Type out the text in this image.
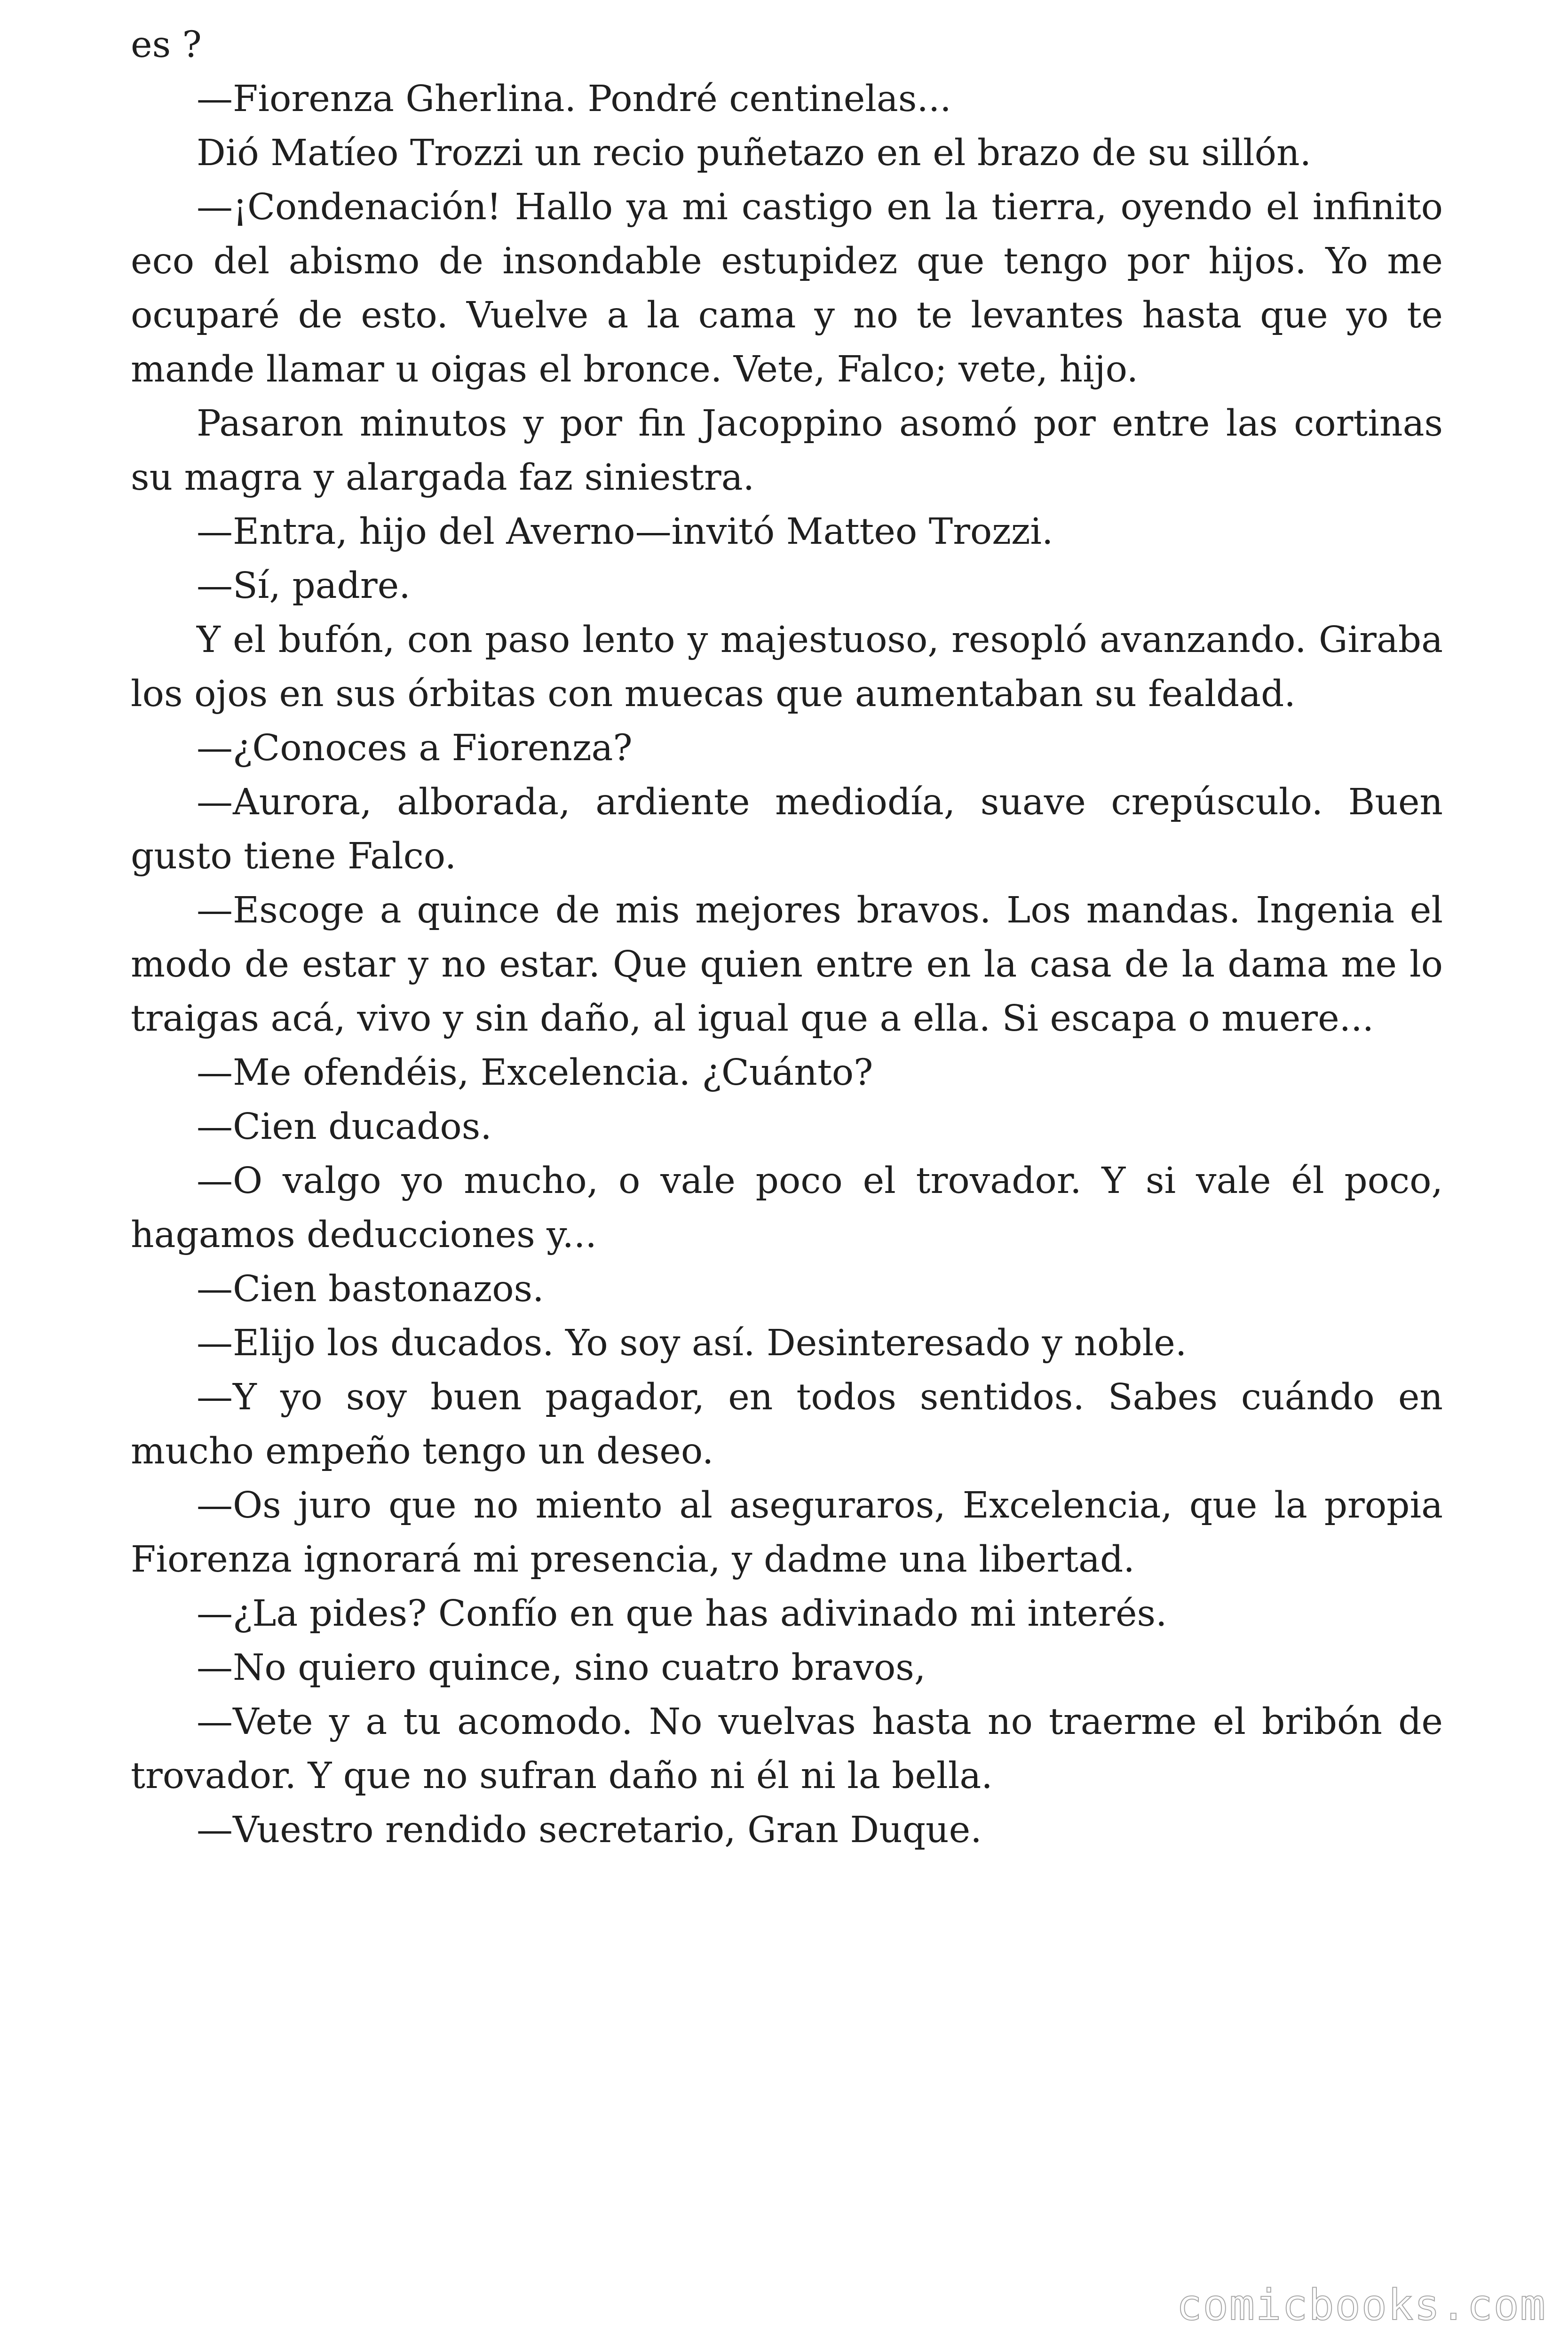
es ?

—Fiorenza Gherlina. Pondré centinelas...

Dió Matíeo Trozzi un recio puñetazo en el brazo de su sillón.

—¡Condenación! Hallo ya mi castigo en la tierra, oyendo el infinito eco del abismo de insondable estupidez que tengo por hijos. Yo me ocuparé de esto. Vuelve a la cama y no te levantes hasta que yo te mande llamar u oigas el bronce. Vete, Falco; vete, hijo.

Pasaron minutos y por fin Jacoppino asomó por entre las cortinas su magra y alargada faz siniestra.

—Entra, hijo del Averno—invitó Matteo Trozzi.

—Sí, padre.

Y el bufón, con paso lento y majestuoso, resopló avanzando. Giraba los ojos en sus órbitas con muecas que aumentaban su fealdad.

—¿Conoces a Fiorenza?

—Aurora, alborada, ardiente mediodía, suave crepúsculo. Buen gusto tiene Falco.

—Escoge a quince de mis mejores bravos. Los mandas. Ingenia el modo de estar y no estar. Que quien entre en la casa de la dama me lo traigas acá, vivo y sin daño, al igual que a ella. Si escapa o muere...

—Me ofendéis, Excelencia. ¿Cuánto?

—Cien ducados.

—O valgo yo mucho, o vale poco el trovador. Y si vale él poco, hagamos deducciones y...

—Cien bastonazos.

—Elijo los ducados. Yo soy así. Desinteresado y noble.

—Y yo soy buen pagador, en todos sentidos. Sabes cuándo en mucho empeño tengo un deseo.

—Os juro que no miento al aseguraros, Excelencia, que la propia Fiorenza ignorará mi presencia, y dadme una libertad.

—¿La pides? Confío en que has adivinado mi interés.

—No quiero quince, sino cuatro bravos,

—Vete y a tu acomodo. No vuelvas hasta no traerme el bribón de trovador. Y que no sufran daño ni él ni la bella.

—Vuestro rendido secretario, Gran Duque.

comicbooks.com
